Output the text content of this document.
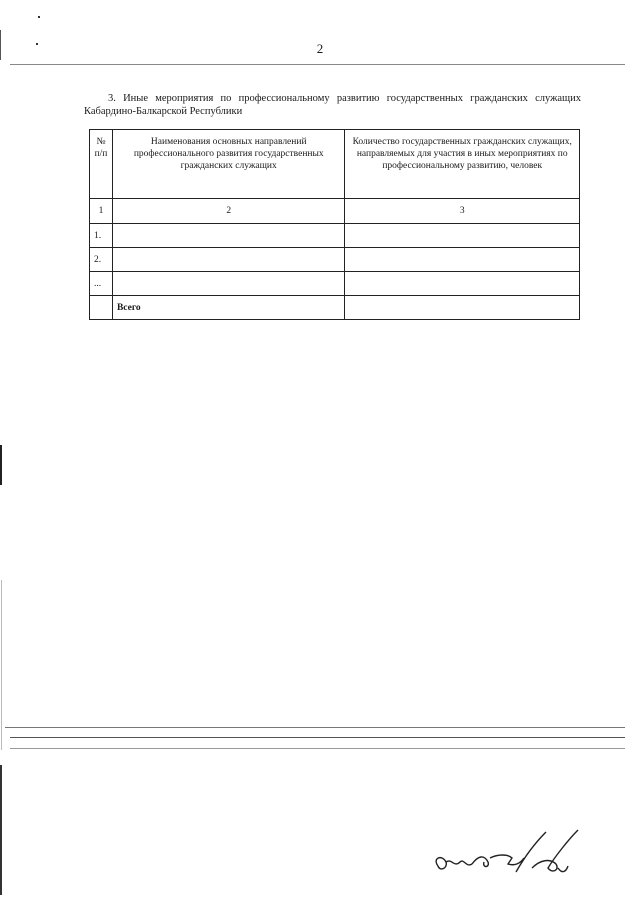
2
3. Иные мероприятия по профессиональному развитию государственных гражданских служащих Кабардино-Балкарской Республики
№ п/п	Наименования основных направлений профессионального развития государственных гражданских служащих	Количество государственных гражданских служащих, направляемых для участия в иных мероприятиях по профессиональному развитию, человек
1	2	3
1.		
2.		
...		
	Всего	
